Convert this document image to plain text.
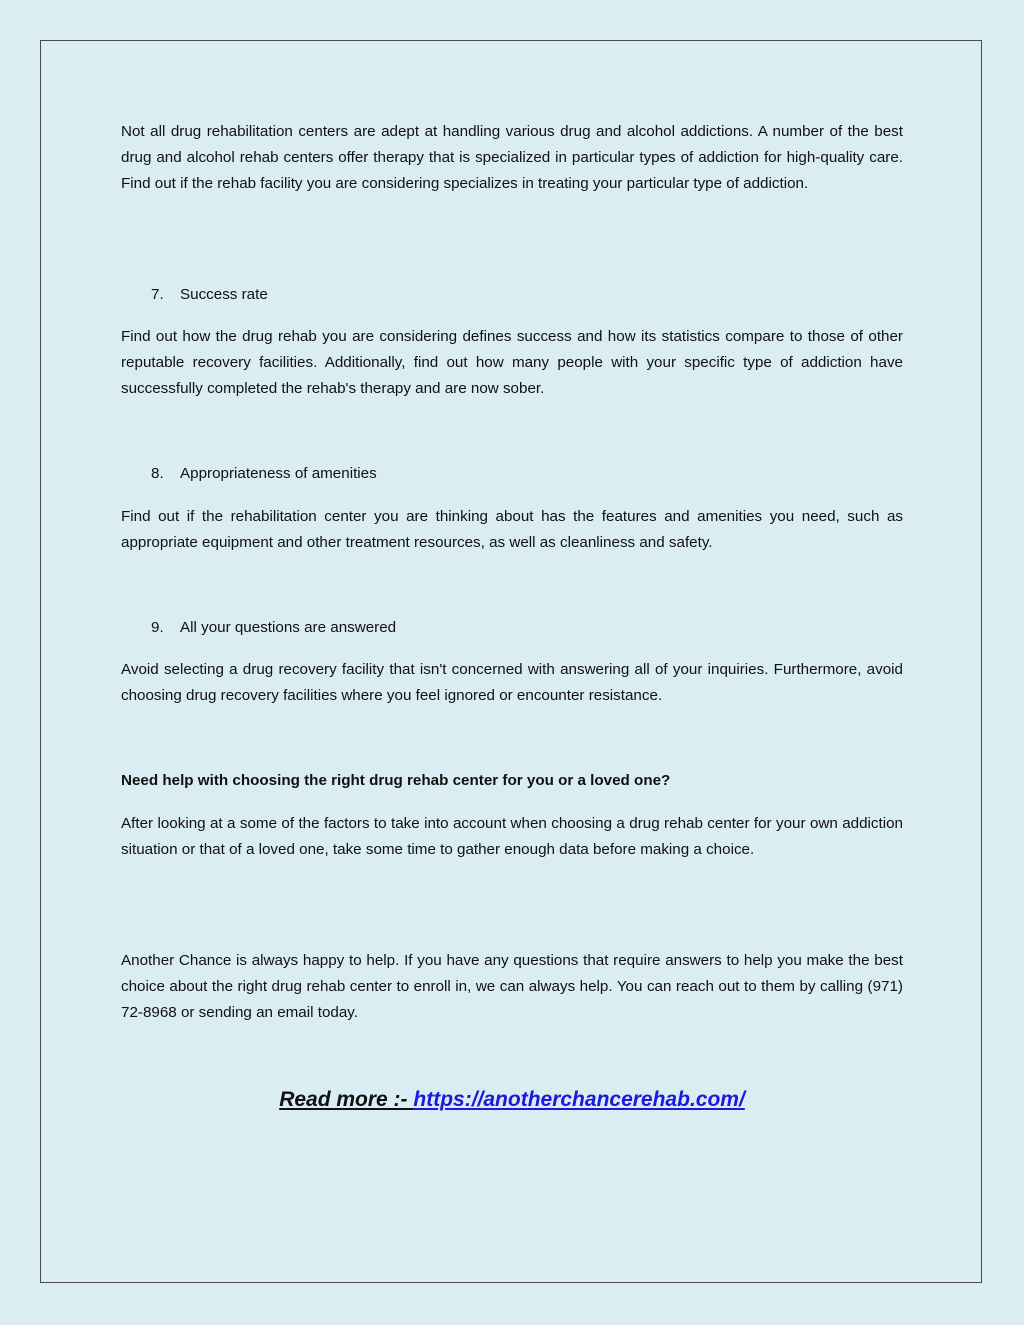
Not all drug rehabilitation centers are adept at handling various drug and alcohol addictions. A number of the best drug and alcohol rehab centers offer therapy that is specialized in particular types of addiction for high-quality care. Find out if the rehab facility you are considering specializes in treating your particular type of addiction.

7. Success rate

Find out how the drug rehab you are considering defines success and how its statistics compare to those of other reputable recovery facilities. Additionally, find out how many people with your specific type of addiction have successfully completed the rehab's therapy and are now sober.

8. Appropriateness of amenities

Find out if the rehabilitation center you are thinking about has the features and amenities you need, such as appropriate equipment and other treatment resources, as well as cleanliness and safety.

9. All your questions are answered

Avoid selecting a drug recovery facility that isn't concerned with answering all of your inquiries. Furthermore, avoid choosing drug recovery facilities where you feel ignored or encounter resistance.

Need help with choosing the right drug rehab center for you or a loved one?

After looking at a some of the factors to take into account when choosing a drug rehab center for your own addiction situation or that of a loved one, take some time to gather enough data before making a choice.

Another Chance is always happy to help. If you have any questions that require answers to help you make the best choice about the right drug rehab center to enroll in, we can always help. You can reach out to them by calling (971) 72-8968 or sending an email today.

Read more :- https://anotherchancerehab.com/
